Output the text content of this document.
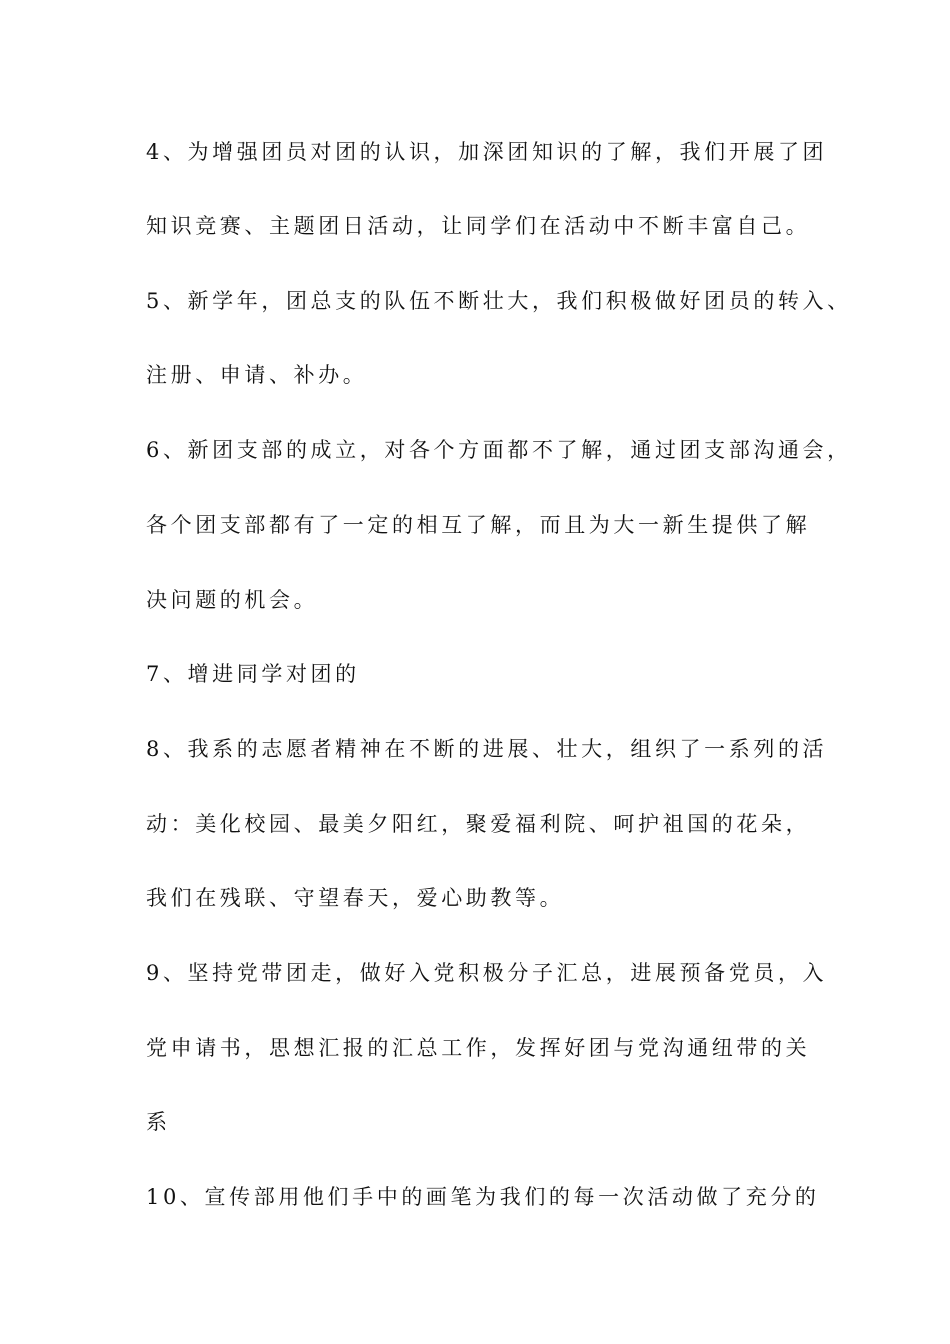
4、为增强团员对团的认识，加深团知识的了解，我们开展了团
知识竞赛、主题团日活动，让同学们在活动中不断丰富自己。
5、新学年，团总支的队伍不断壮大，我们积极做好团员的转入、
注册、申请、补办。
6、新团支部的成立，对各个方面都不了解，通过团支部沟通会，
各个团支部都有了一定的相互了解，而且为大一新生提供了解
决问题的机会。
7、增进同学对团的
8、我系的志愿者精神在不断的进展、壮大，组织了一系列的活
动：美化校园、最美夕阳红，聚爱福利院、呵护祖国的花朵，
我们在残联、守望春天，爱心助教等。
9、坚持党带团走，做好入党积极分子汇总，进展预备党员，入
党申请书，思想汇报的汇总工作，发挥好团与党沟通纽带的关
系
10、宣传部用他们手中的画笔为我们的每一次活动做了充分的
